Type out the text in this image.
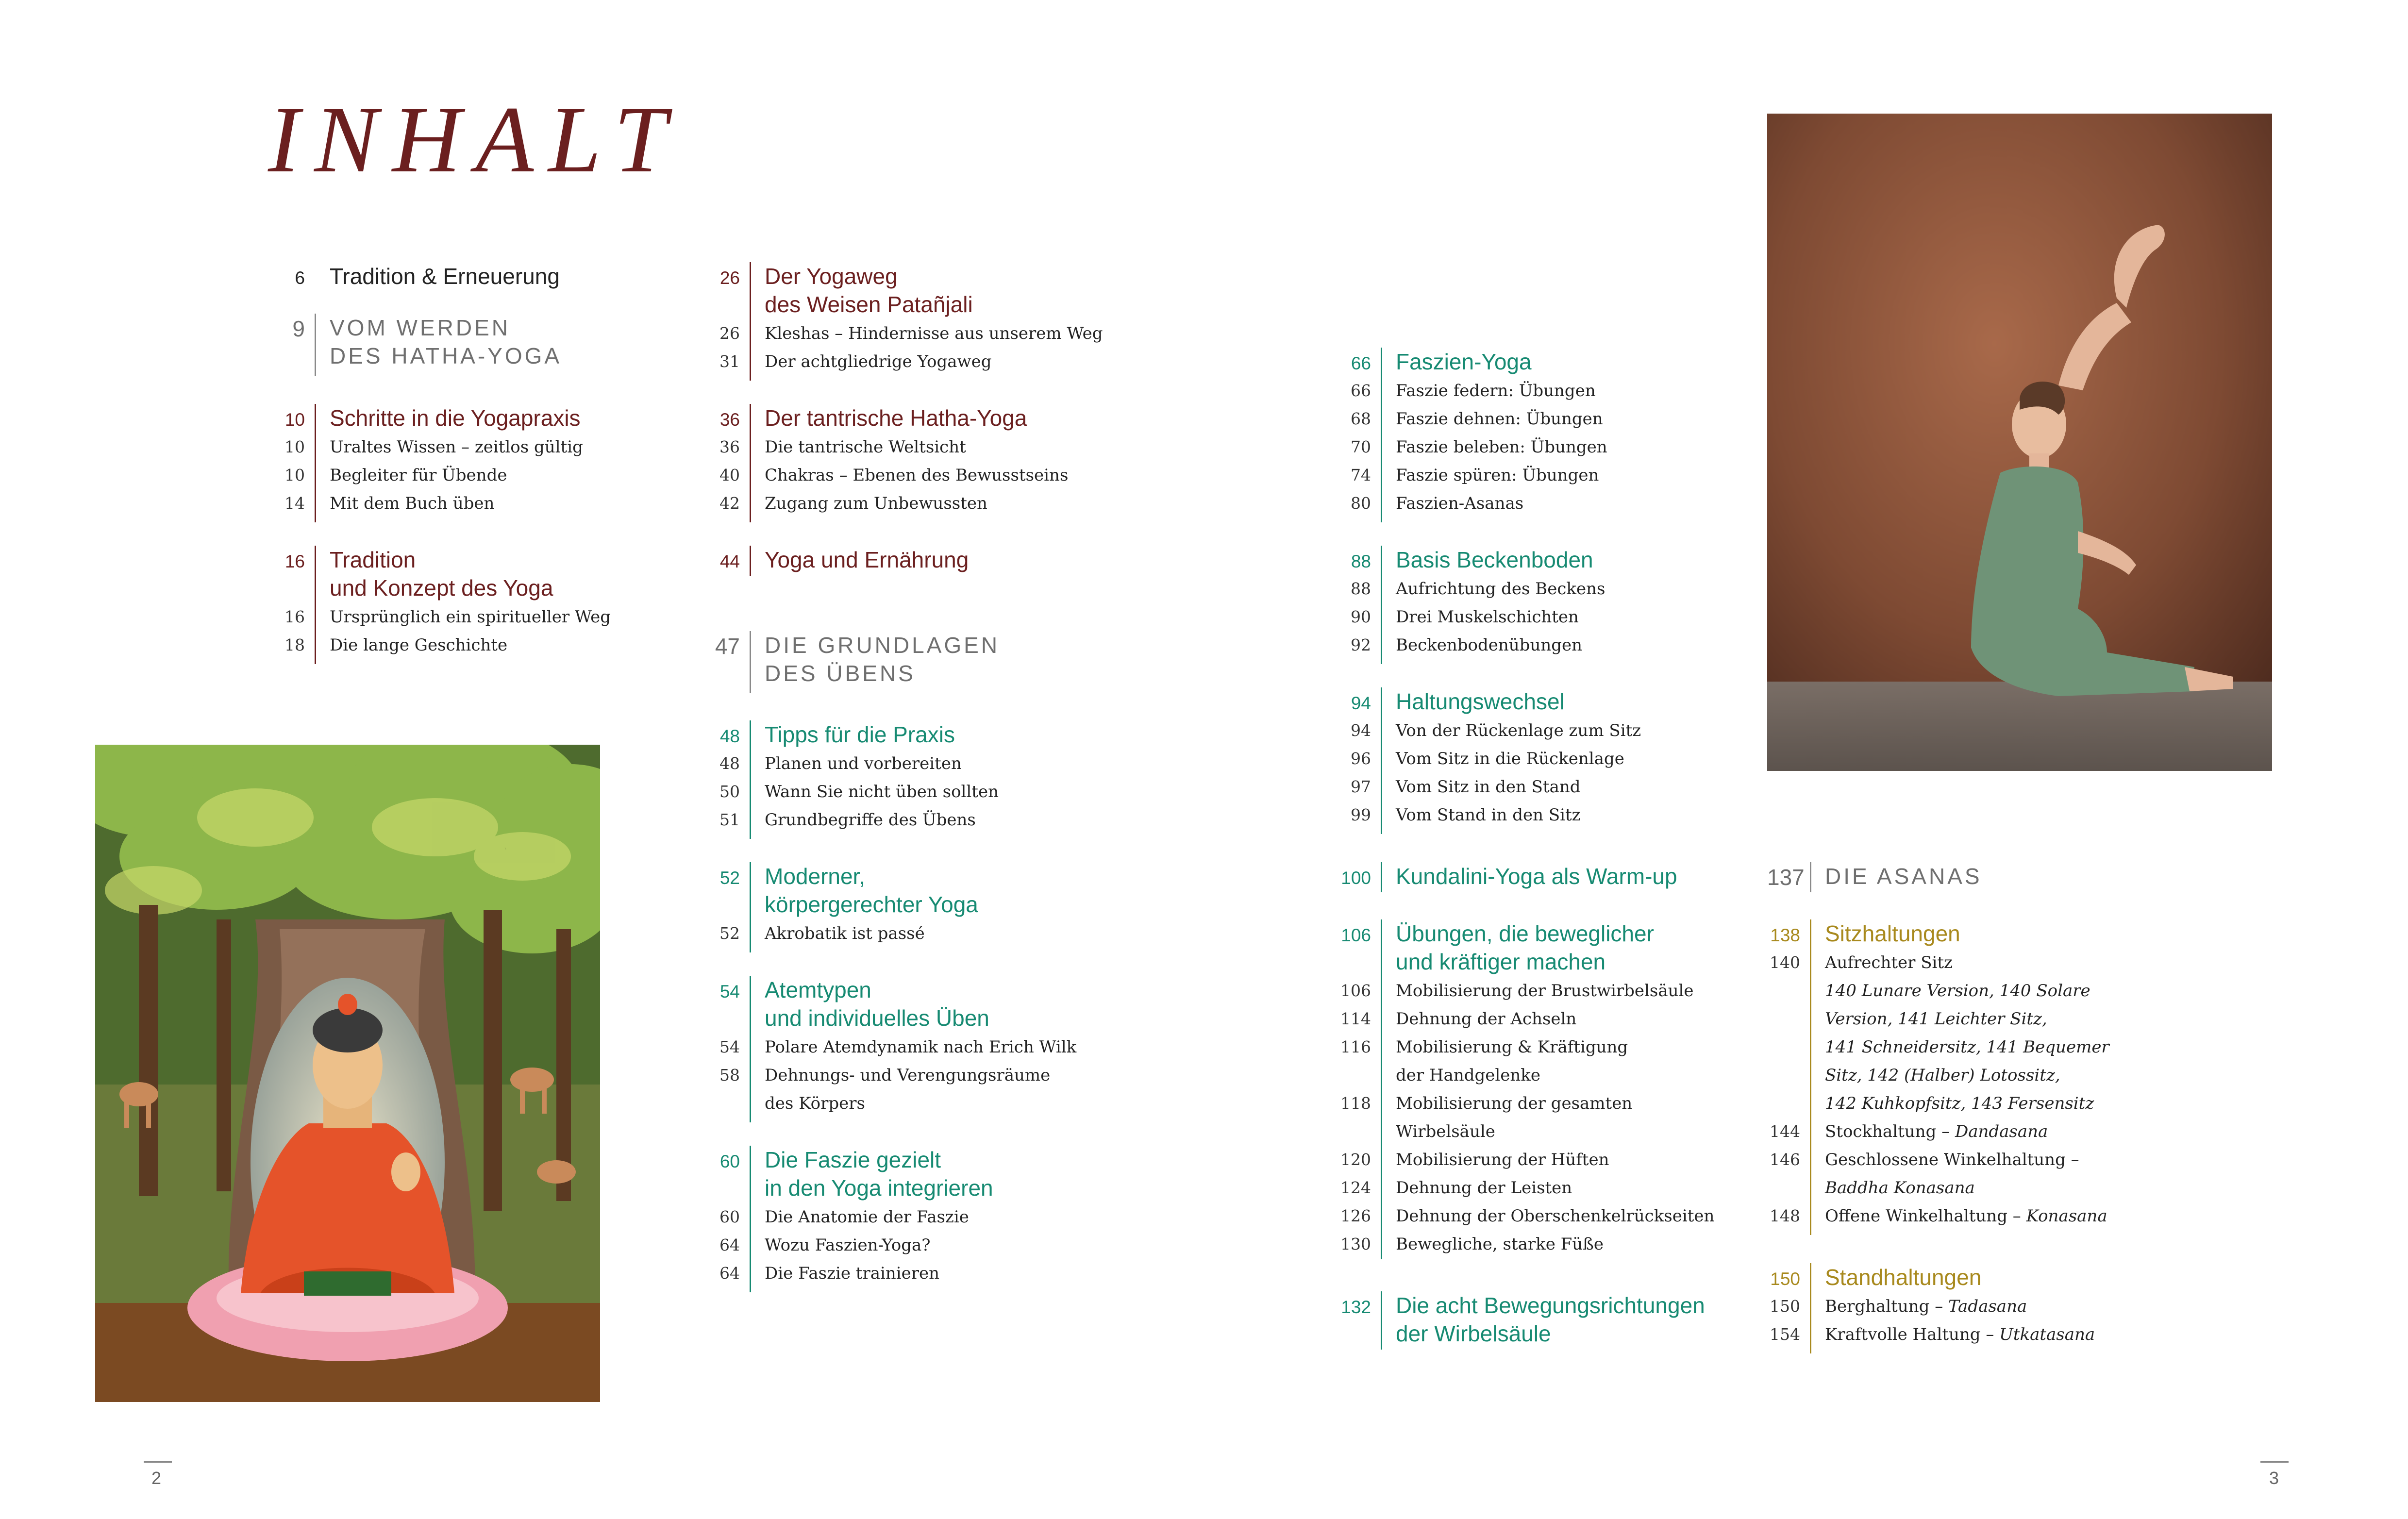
INHALT
6 Tradition & Erneuerung
9 VOM WERDEN
DES HATHA-YOGA
10 Schritte in die Yogapraxis
10 Uraltes Wissen – zeitlos gültig
10 Begleiter für Übende
14 Mit dem Buch üben
16 Tradition
und Konzept des Yoga
16 Ursprünglich ein spiritueller Weg
18 Die lange Geschichte
26 Der Yogaweg
des Weisen Patañjali
26 Kleshas – Hindernisse aus unserem Weg
31 Der achtgliedrige Yogaweg
36 Der tantrische Hatha-Yoga
36 Die tantrische Weltsicht
40 Chakras – Ebenen des Bewusstseins
42 Zugang zum Unbewussten
44 Yoga und Ernährung
47 DIE GRUNDLAGEN
DES ÜBENS
48 Tipps für die Praxis
48 Planen und vorbereiten
50 Wann Sie nicht üben sollten
51 Grundbegriffe des Übens
52 Moderner,
körpergerechter Yoga
52 Akrobatik ist passé
54 Atemtypen
und individuelles Üben
54 Polare Atemdynamik nach Erich Wilk
58 Dehnungs- und Verengungsräume
des Körpers
60 Die Faszie gezielt
in den Yoga integrieren
60 Die Anatomie der Faszie
64 Wozu Faszien-Yoga?
64 Die Faszie trainieren
66 Faszien-Yoga
66 Faszie federn: Übungen
68 Faszie dehnen: Übungen
70 Faszie beleben: Übungen
74 Faszie spüren: Übungen
80 Faszien-Asanas
88 Basis Beckenboden
88 Aufrichtung des Beckens
90 Drei Muskelschichten
92 Beckenbodenübungen
94 Haltungswechsel
94 Von der Rückenlage zum Sitz
96 Vom Sitz in die Rückenlage
97 Vom Sitz in den Stand
99 Vom Stand in den Sitz
100 Kundalini-Yoga als Warm-up
106 Übungen, die beweglicher
und kräftiger machen
106 Mobilisierung der Brustwirbelsäule
114 Dehnung der Achseln
116 Mobilisierung & Kräftigung
der Handgelenke
118 Mobilisierung der gesamten
Wirbelsäule
120 Mobilisierung der Hüften
124 Dehnung der Leisten
126 Dehnung der Oberschenkelrückseiten
130 Bewegliche, starke Füße
132 Die acht Bewegungsrichtungen
der Wirbelsäule
137 DIE ASANAS
138 Sitzhaltungen
140 Aufrechter Sitz
140 Lunare Version, 140 Solare
Version, 141 Leichter Sitz,
141 Schneidersitz, 141 Bequemer
Sitz, 142 (Halber) Lotossitz,
142 Kuhkopfsitz, 143 Fersensitz
144 Stockhaltung – Dandasana
146 Geschlossene Winkelhaltung –
Baddha Konasana
148 Offene Winkelhaltung – Konasana
150 Standhaltungen
150 Berghaltung – Tadasana
154 Kraftvolle Haltung – Utkatasana
2	3
